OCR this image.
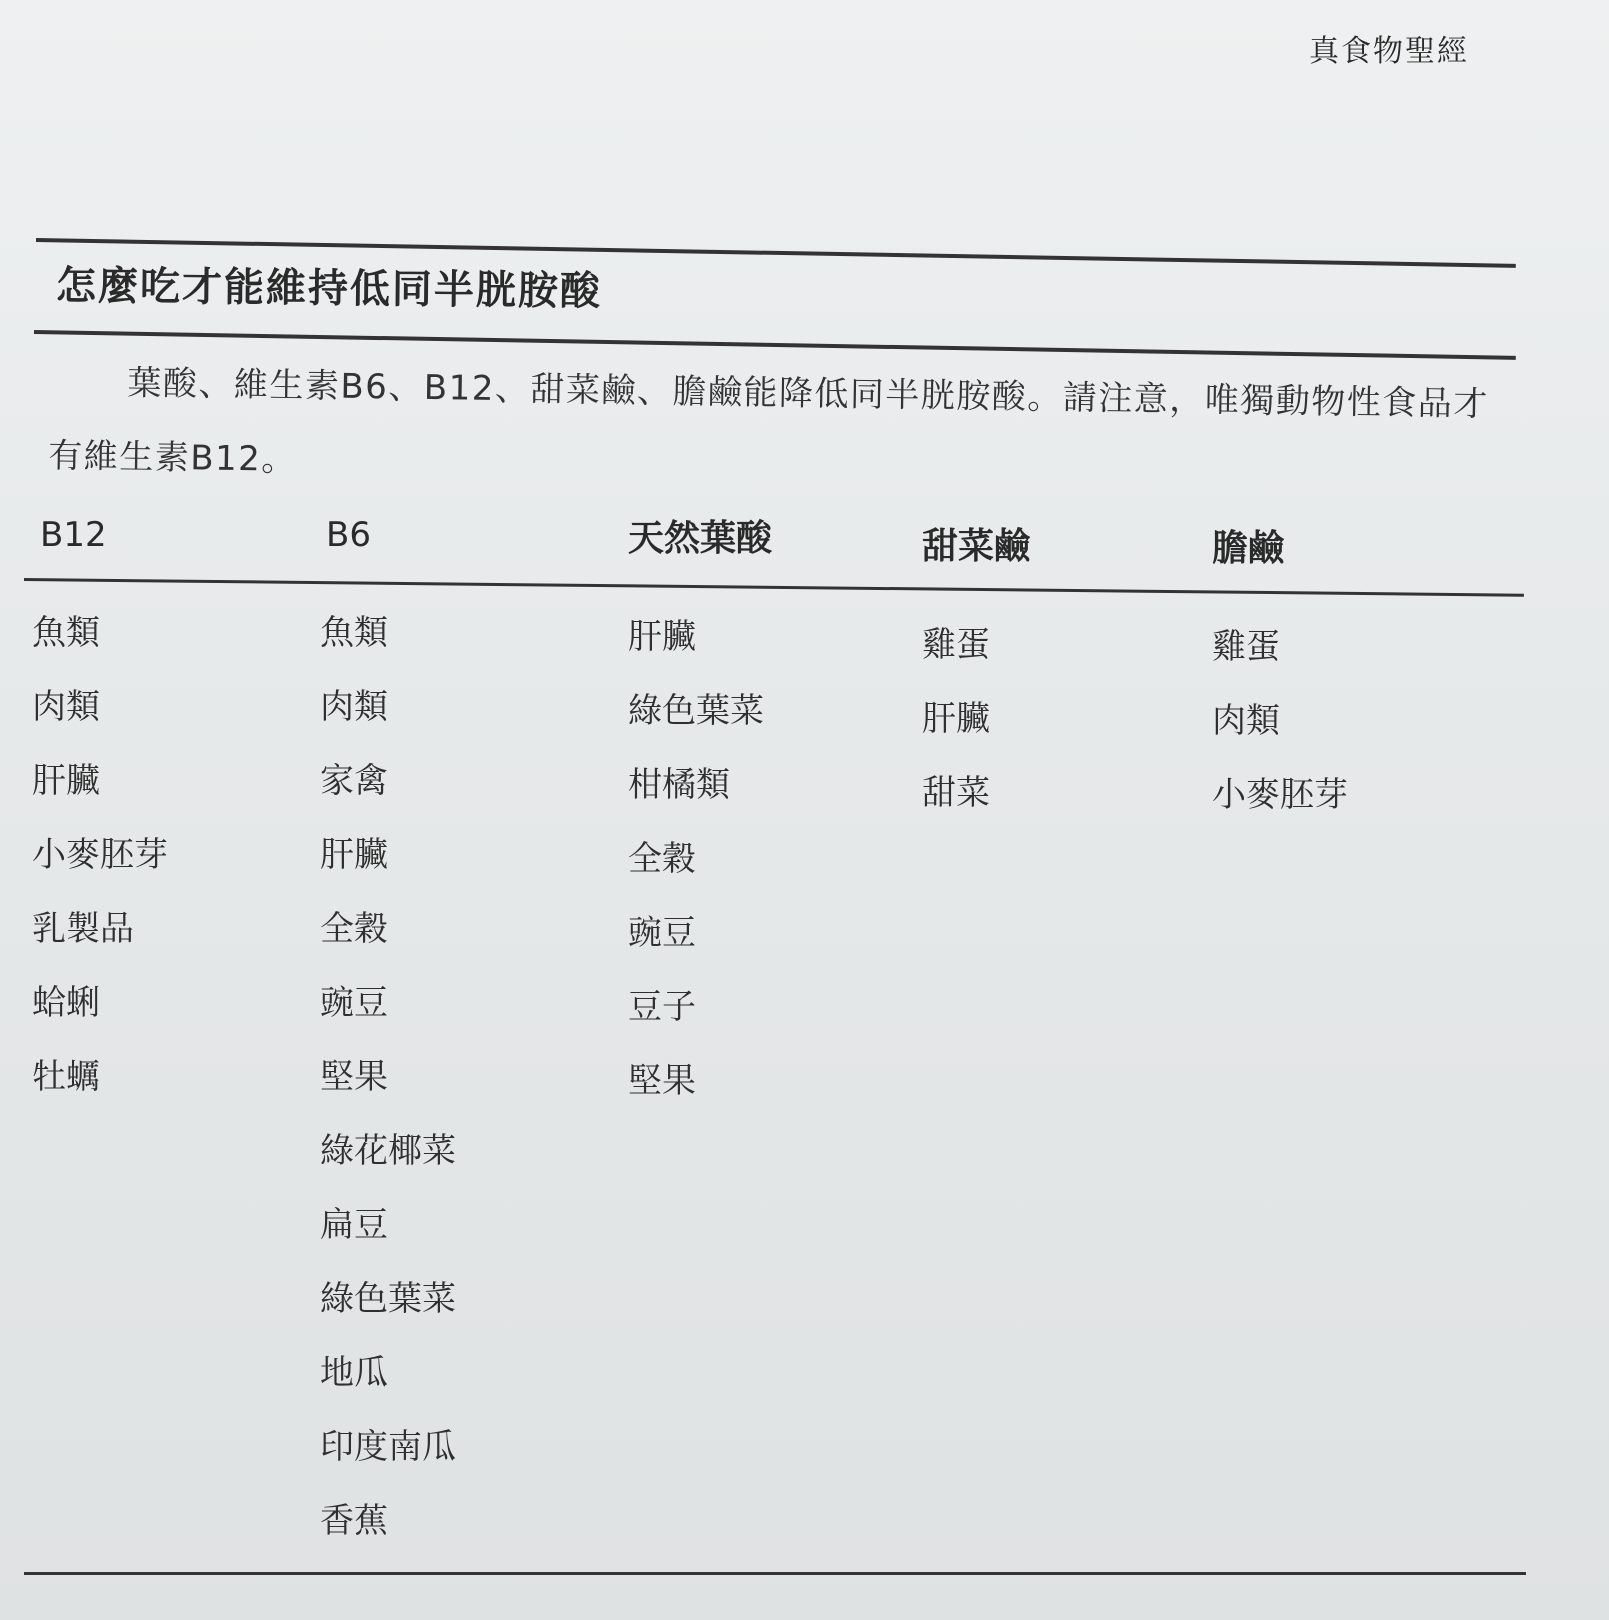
真食物聖經
怎麼吃才能維持低同半胱胺酸

葉酸、維生素B6、B12、甜菜鹼、膽鹼能降低同半胱胺酸。請注意，唯獨動物性食品才有維生素B12。

B12
魚類
肉類
肝臟
小麥胚芽
乳製品
蛤蜊
牡蠣
B6
魚類
肉類
家禽
肝臟
全穀
豌豆
堅果
綠花椰菜
扁豆
綠色葉菜
地瓜
印度南瓜
香蕉
天然葉酸
肝臟
綠色葉菜
柑橘類
全穀
豌豆
豆子
堅果
甜菜鹼
雞蛋
肝臟
甜菜
膽鹼
雞蛋
肉類
小麥胚芽
